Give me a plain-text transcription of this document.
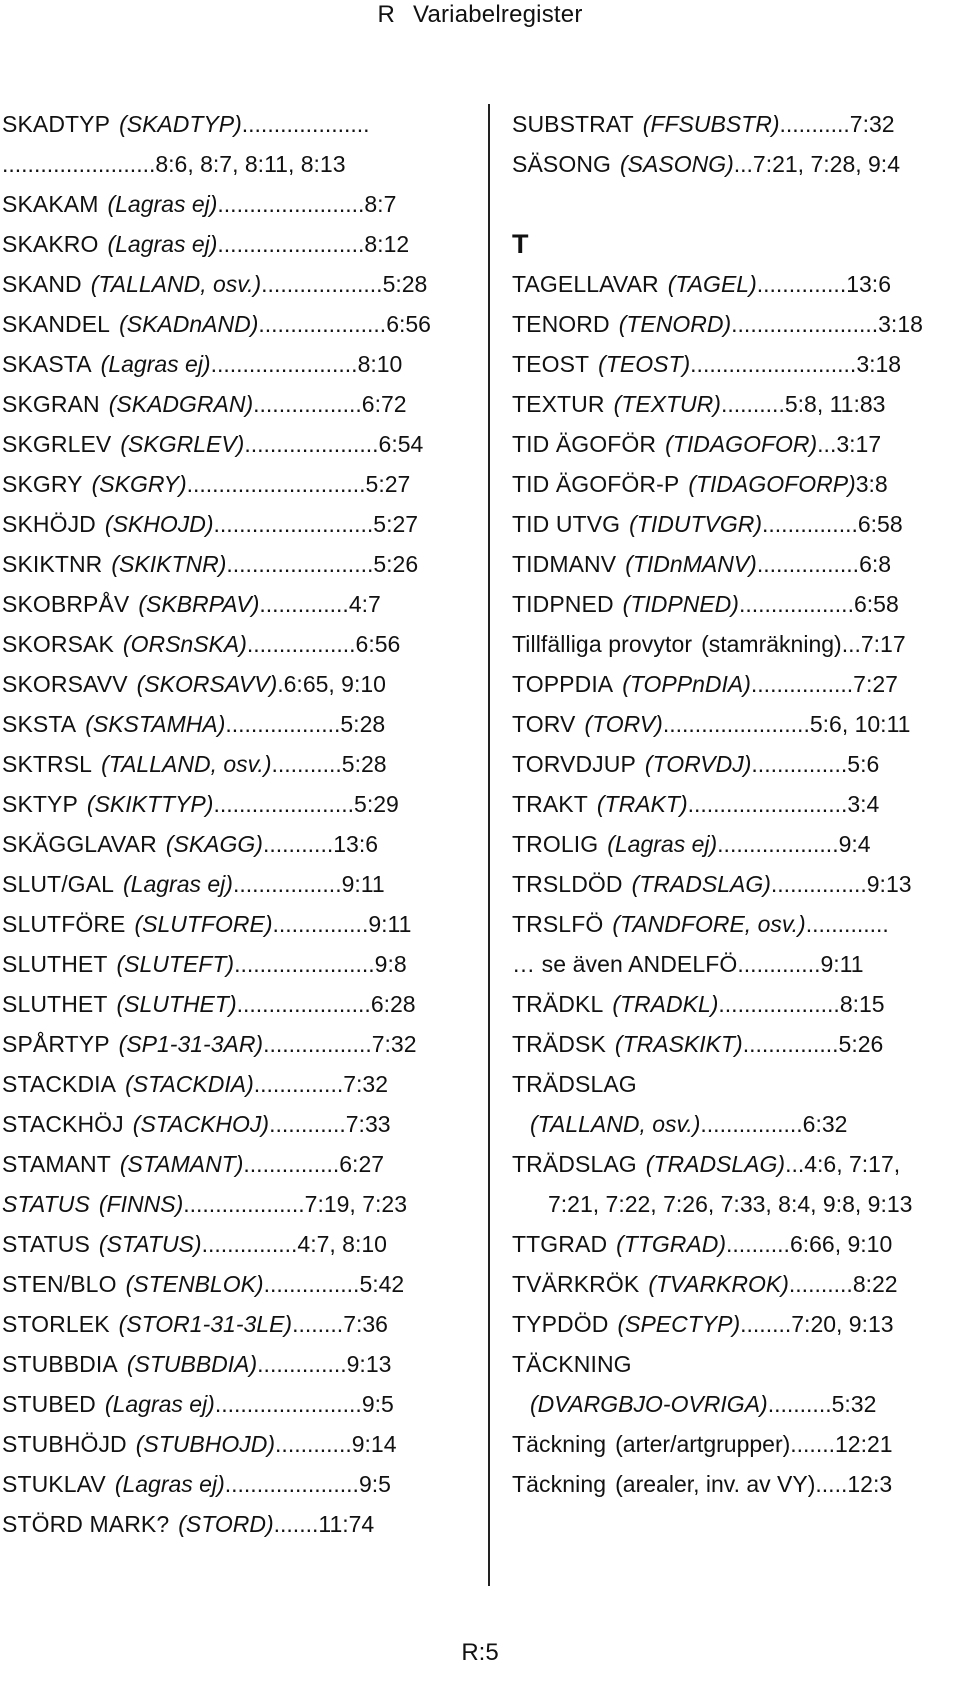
R Variabelregister
SKADTYP (SKADTYP)....................
........................8:6, 8:7, 8:11, 8:13
SKAKAM (Lagras ej).......................8:7
SKAKRO (Lagras ej).......................8:12
SKAND (TALLAND, osv.)...................5:28
SKANDEL (SKADnAND)....................6:56
SKASTA (Lagras ej).......................8:10
SKGRAN (SKADGRAN).................6:72
SKGRLEV (SKGRLEV).....................6:54
SKGRY (SKGRY)............................5:27
SKHÖJD (SKHOJD).........................5:27
SKIKTNR (SKIKTNR).......................5:26
SKOBRPÅV (SKBRPAV)..............4:7
SKORSAK (ORSnSKA).................6:56
SKORSAVV (SKORSAVV).6:65, 9:10
SKSTA (SKSTAMHA)..................5:28
SKTRSL (TALLAND, osv.)...........5:28
SKTYP (SKIKTTYP)......................5:29
SKÄGGLAVAR (SKAGG)...........13:6
SLUT/GAL (Lagras ej).................9:11
SLUTFÖRE (SLUTFORE)...............9:11
SLUTHET (SLUTEFT)......................9:8
SLUTHET (SLUTHET).....................6:28
SPÅRTYP (SP1-31-3AR).................7:32
STACKDIA (STACKDIA)..............7:32
STACKHÖJ (STACKHOJ)............7:33
STAMANT (STAMANT)...............6:27
STATUS (FINNS)...................7:19, 7:23
STATUS (STATUS)...............4:7, 8:10
STEN/BLO (STENBLOK)...............5:42
STORLEK (STOR1-31-3LE)........7:36
STUBBDIA (STUBBDIA)..............9:13
STUBED (Lagras ej).......................9:5
STUBHÖJD (STUBHOJD)............9:14
STUKLAV (Lagras ej).....................9:5
STÖRD MARK? (STORD).......11:74
SUBSTRAT (FFSUBSTR)...........7:32
SÄSONG (SASONG)...7:21, 7:28, 9:4
T
TAGELLAVAR (TAGEL)..............13:6
TENORD (TENORD).......................3:18
TEOST (TEOST)..........................3:18
TEXTUR (TEXTUR)..........5:8, 11:83
TID ÄGOFÖR (TIDAGOFOR)...3:17
TID ÄGOFÖR-P (TIDAGOFORP)3:8
TID UTVG (TIDUTVGR)...............6:58
TIDMANV (TIDnMANV)................6:8
TIDPNED (TIDPNED)..................6:58
Tillfälliga provytor (stamräkning)...7:17
TOPPDIA (TOPPnDIA)................7:27
TORV (TORV).......................5:6, 10:11
TORVDJUP (TORVDJ)...............5:6
TRAKT (TRAKT).........................3:4
TROLIG (Lagras ej)...................9:4
TRSLDÖD (TRADSLAG)...............9:13
TRSLFÖ (TANDFORE, osv.).............
… se även ANDELFÖ.............9:11
TRÄDKL (TRADKL)...................8:15
TRÄDSK (TRASKIKT)...............5:26
TRÄDSLAG
(TALLAND, osv.)................6:32
TRÄDSLAG (TRADSLAG)...4:6, 7:17,
7:21, 7:22, 7:26, 7:33, 8:4, 9:8, 9:13
TTGRAD (TTGRAD)..........6:66, 9:10
TVÄRKRÖK (TVARKROK)..........8:22
TYPDÖD (SPECTYP)........7:20, 9:13
TÄCKNING
(DVARGBJO-OVRIGA)..........5:32
Täckning (arter/artgrupper).......12:21
Täckning (arealer, inv. av VY).....12:3
R:5
